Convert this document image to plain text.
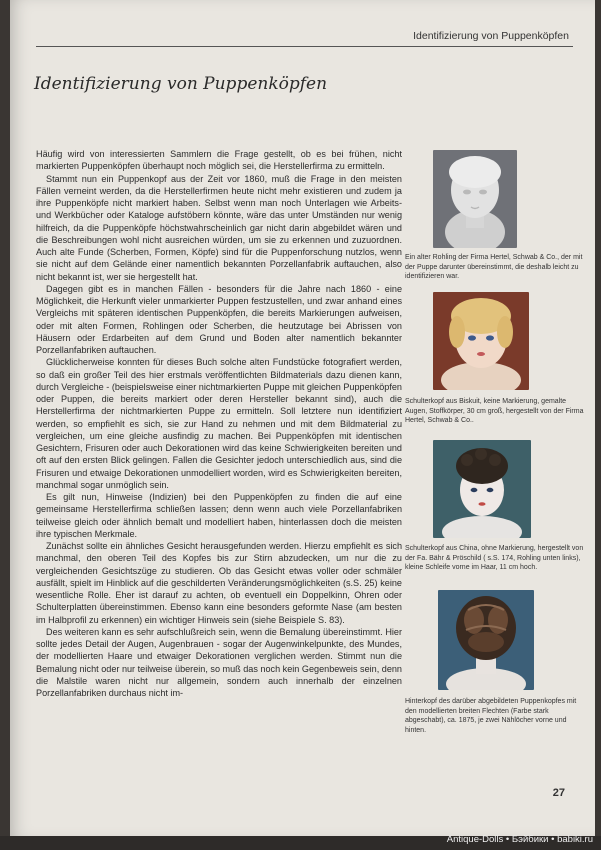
Identifizierung von Puppenköpfen
Identifizierung von Puppenköpfen

Häufig wird von interessierten Sammlern die Frage gestellt, ob es bei frühen, nicht markierten Puppenköpfen überhaupt noch möglich sei, die Herstellerfirma zu ermitteln.

Stammt nun ein Puppenkopf aus der Zeit vor 1860, muß die Frage in den meisten Fällen verneint werden, da die Herstellerfirmen heute nicht mehr existieren und zudem ja ihre Puppenköpfe nicht markiert haben. Selbst wenn man noch Unterlagen wie Arbeits- und Werkbücher oder Kataloge aufstöbern könnte, wäre das unter Umständen nur wenig hilfreich, da die Puppenköpfe höchstwahrscheinlich gar nicht darin abgebildet wären und die Beschreibungen wohl nicht ausreichen würden, um sie zu erkennen und zuzuordnen. Auch alte Funde (Scherben, Formen, Köpfe) sind für die Puppenforschung nutzlos, wenn sie nicht auf dem Gelände einer namentlich bekannten Porzellanfabrik auftauchen, also nicht bekannt ist, wer sie hergestellt hat.

Dagegen gibt es in manchen Fällen - besonders für die Jahre nach 1860 - eine Möglichkeit, die Herkunft vieler unmarkierter Puppen festzustellen, und zwar anhand eines Vergleichs mit späteren identischen Puppenköpfen, die bereits Markierungen aufweisen, oder mit alten Formen, Rohlingen oder Scherben, die heutzutage bei Abrissen von Häusern oder Erdarbeiten auf dem Grund und Boden alter namentlich bekannter Porzellanfabriken auftauchen.

Glücklicherweise konnten für dieses Buch solche alten Fundstücke fotografiert werden, so daß ein großer Teil des hier erstmals veröffentlichten Bildmaterials dazu dienen kann, durch Vergleiche - (beispielsweise einer nichtmarkierten Puppe mit gleichen Puppenköpfen oder Puppen, die bereits markiert oder deren Hersteller bekannt sind), auch die Herstellerfirma der nichtmarkierten Puppe zu ermitteln. Soll letztere nun identifiziert werden, so empfiehlt es sich, sie zur Hand zu nehmen und mit dem Bildmaterial zu vergleichen, um eine gleiche ausfindig zu machen. Bei Puppenköpfen mit identischen Gesichtern, Frisuren oder auch Dekorationen wird das keine Schwierigkeiten bereiten und oft auf den ersten Blick gelingen. Fallen die Gesichter jedoch unterschiedlich aus, sind die Frisuren und etwaige Dekorationen unmodelliert worden, wird es Schwierigkeiten bereiten, manchmal sogar unmöglich sein.

Es gilt nun, Hinweise (Indizien) bei den Puppenköpfen zu finden die auf eine gemeinsame Herstellerfirma schließen lassen; denn wenn auch viele Porzellanfabriken teilweise gleich oder ähnlich bemalt und modelliert haben, hinterlassen doch die meisten ihre typischen Merkmale.

Zunächst sollte ein ähnliches Gesicht herausgefunden werden. Hierzu empfiehlt es sich manchmal, den oberen Teil des Kopfes bis zur Stirn abzudecken, um nur die zu vergleichenden Gesichtszüge zu studieren. Ob das Gesicht etwas voller oder schmäler ausfällt, spielt im Hinblick auf die geschilderten Veränderungsmöglichkeiten (s.S. 25) keine wesentliche Rolle. Eher ist darauf zu achten, ob eventuell ein Doppelkinn, Ohren oder Schulterplatten übereinstimmen. Ebenso kann eine besonders geformte Nase (am besten im Halbprofil zu erkennen) ein wichtiger Hinweis sein (siehe Beispiele S. 83).

Des weiteren kann es sehr aufschlußreich sein, wenn die Bemalung übereinstimmt. Hier sollte jedes Detail der Augen, Augenbrauen - sogar der Augenwinkelpunkte, des Mundes, der modellierten Haare und etwaiger Dekorationen verglichen werden. Stimmt nun die Bemalung nicht oder nur teilweise überein, so muß das noch kein Gegenbeweis sein, denn die Malstile waren nicht nur allgemein, sondern auch innerhalb der einzelnen Porzellanfabriken durchaus nicht im-

Ein alter Rohling der Firma Hertel, Schwab & Co., der mit der Puppe darunter übereinstimmt, die deshalb leicht zu identifizieren war.
Schulterkopf aus Biskuit, keine Markierung, gemalte Augen, Stoffkörper, 30 cm groß, hergestellt von der Firma Hertel, Schwab & Co..
Schulterkopf aus China, ohne Markierung, hergestellt von der Fa. Bähr & Pröschild ( s.S. 174, Rohling unten links), kleine Schleife vorne im Haar, 11 cm hoch.
Hinterkopf des darüber abgebildeten Puppenkopfes mit den modellierten breiten Flechten (Farbe stark abgeschabt), ca. 1875, je zwei Nählöcher vorne und hinten.
27
Antique-Dolls • Бэйбики • babiki.ru
